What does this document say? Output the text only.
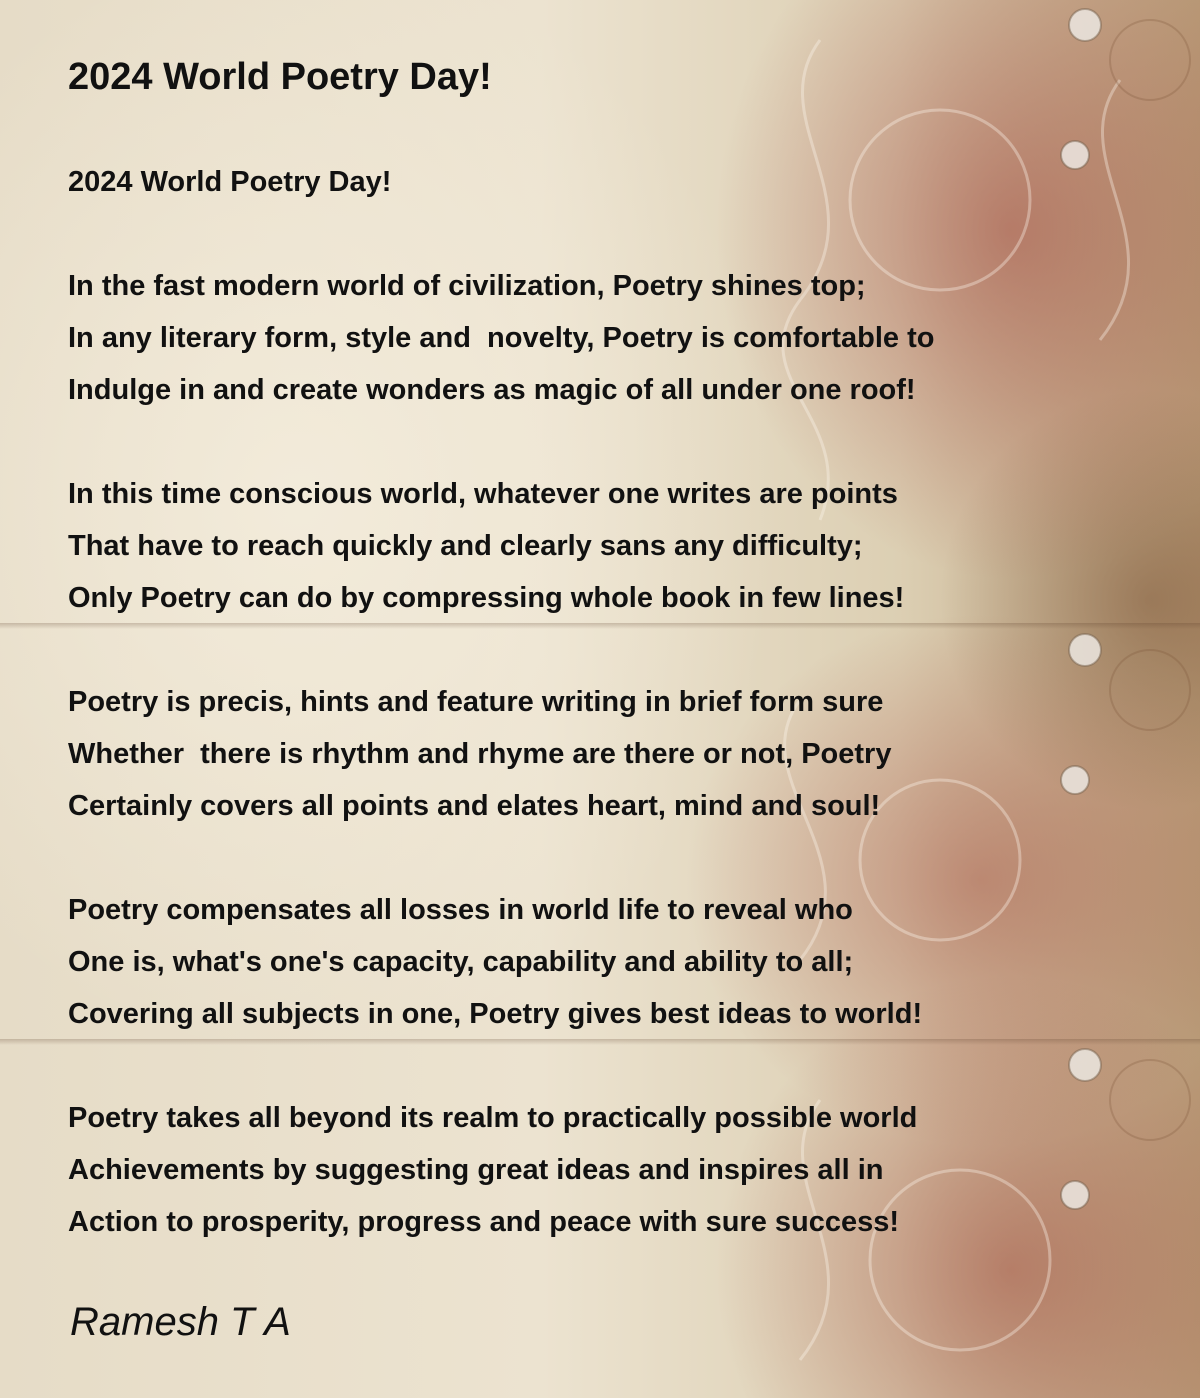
2024 World Poetry Day!
2024 World Poetry Day!
In the fast modern world of civilization, Poetry shines top;
In any literary form, style and  novelty, Poetry is comfortable to
Indulge in and create wonders as magic of all under one roof!
In this time conscious world, whatever one writes are points
That have to reach quickly and clearly sans any difficulty;
Only Poetry can do by compressing whole book in few lines!
Poetry is precis, hints and feature writing in brief form sure
Whether  there is rhythm and rhyme are there or not, Poetry
Certainly covers all points and elates heart, mind and soul!
Poetry compensates all losses in world life to reveal who
One is, what's one's capacity, capability and ability to all;
Covering all subjects in one, Poetry gives best ideas to world!
Poetry takes all beyond its realm to practically possible world
Achievements by suggesting great ideas and inspires all in
Action to prosperity, progress and peace with sure success!
Ramesh T A
